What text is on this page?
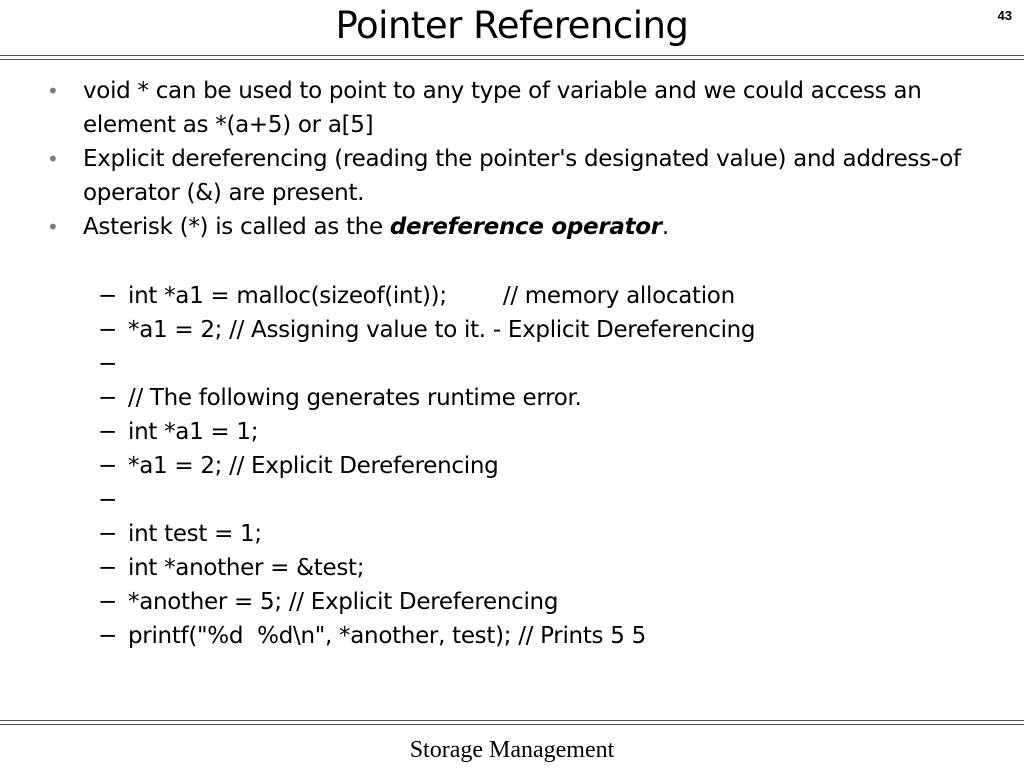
Pointer Referencing	43
• void * can be used to point to any type of variable and we could access an element as *(a+5) or a[5]
• Explicit dereferencing (reading the pointer's designated value) and address-of operator (&) are present.
• Asterisk (*) is called as the dereference operator.
− int *a1 = malloc(sizeof(int));        // memory allocation
− *a1 = 2; // Assigning value to it. - Explicit Dereferencing
−
− // The following generates runtime error.
− int *a1 = 1;
− *a1 = 2; // Explicit Dereferencing
−
− int test = 1;
− int *another = &test;
− *another = 5; // Explicit Dereferencing
− printf("%d  %d\n", *another, test); // Prints 5 5
Storage Management
